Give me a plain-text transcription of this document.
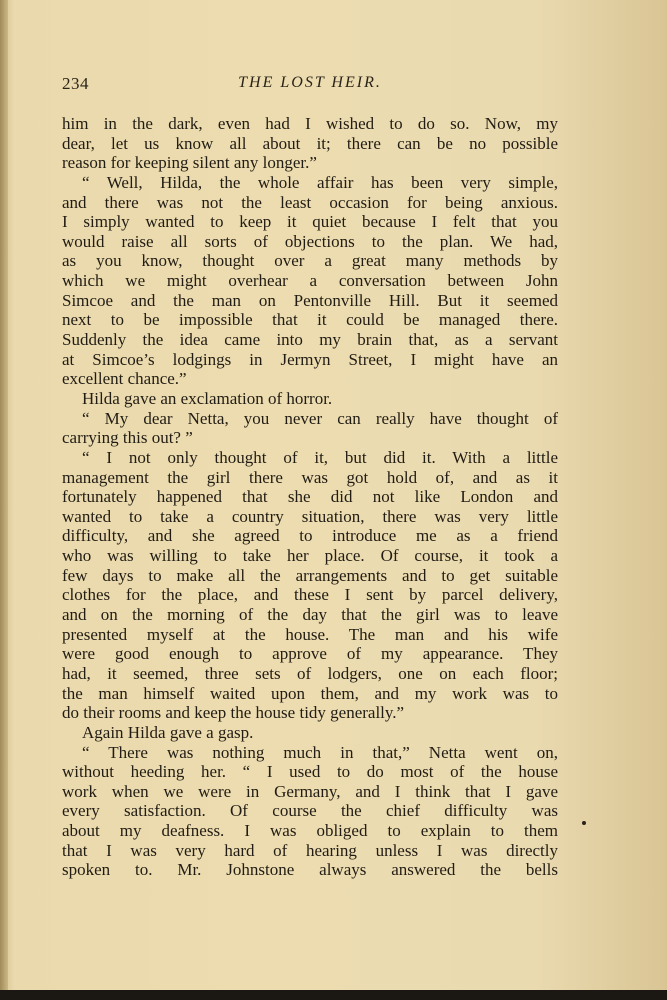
234	THE LOST HEIR.
him in the dark, even had I wished to do so. Now, my
dear, let us know all about it; there can be no possible
reason for keeping silent any longer.”
“ Well, Hilda, the whole affair has been very simple,
and there was not the least occasion for being anxious.
I simply wanted to keep it quiet because I felt that you
would raise all sorts of objections to the plan. We had,
as you know, thought over a great many methods by
which we might overhear a conversation between John
Simcoe and the man on Pentonville Hill. But it seemed
next to be impossible that it could be managed there.
Suddenly the idea came into my brain that, as a servant
at Simcoe’s lodgings in Jermyn Street, I might have an
excellent chance.”
Hilda gave an exclamation of horror.
“ My dear Netta, you never can really have thought of
carrying this out? ”
“ I not only thought of it, but did it. With a little
management the girl there was got hold of, and as it
fortunately happened that she did not like London and
wanted to take a country situation, there was very little
difficulty, and she agreed to introduce me as a friend
who was willing to take her place. Of course, it took a
few days to make all the arrangements and to get suitable
clothes for the place, and these I sent by parcel delivery,
and on the morning of the day that the girl was to leave
presented myself at the house. The man and his wife
were good enough to approve of my appearance. They
had, it seemed, three sets of lodgers, one on each floor;
the man himself waited upon them, and my work was to
do their rooms and keep the house tidy generally.”
Again Hilda gave a gasp.
“ There was nothing much in that,” Netta went on,
without heeding her. “ I used to do most of the house
work when we were in Germany, and I think that I gave
every satisfaction. Of course the chief difficulty was
about my deafness. I was obliged to explain to them
that I was very hard of hearing unless I was directly
spoken to. Mr. Johnstone always answered the bells
